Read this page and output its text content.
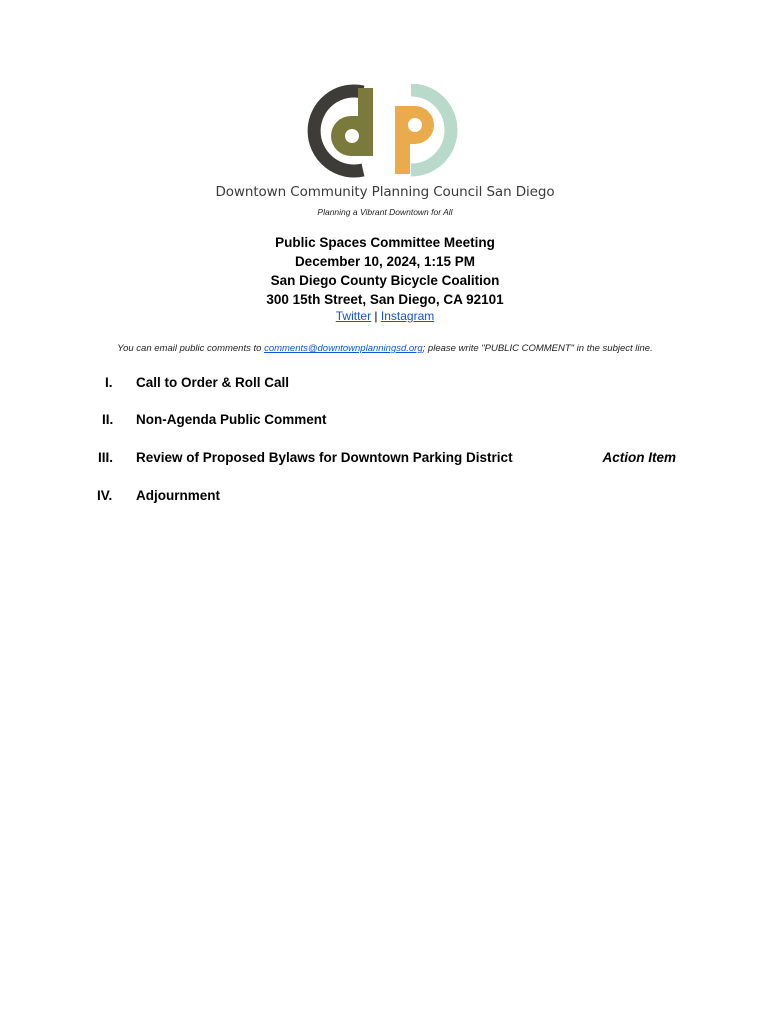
Downtown Community Planning Council San Diego
Planning a Vibrant Downtown for All
Public Spaces Committee Meeting
December 10, 2024, 1:15 PM
San Diego County Bicycle Coalition
300 15th Street, San Diego, CA 92101
Twitter | Instagram
You can email public comments to comments@downtownplanningsd.org; please write "PUBLIC COMMENT" in the subject line.
I.	Call to Order & Roll Call
II.	Non-Agenda Public Comment
III.	Review of Proposed Bylaws for Downtown Parking District	Action Item
IV.	Adjournment
